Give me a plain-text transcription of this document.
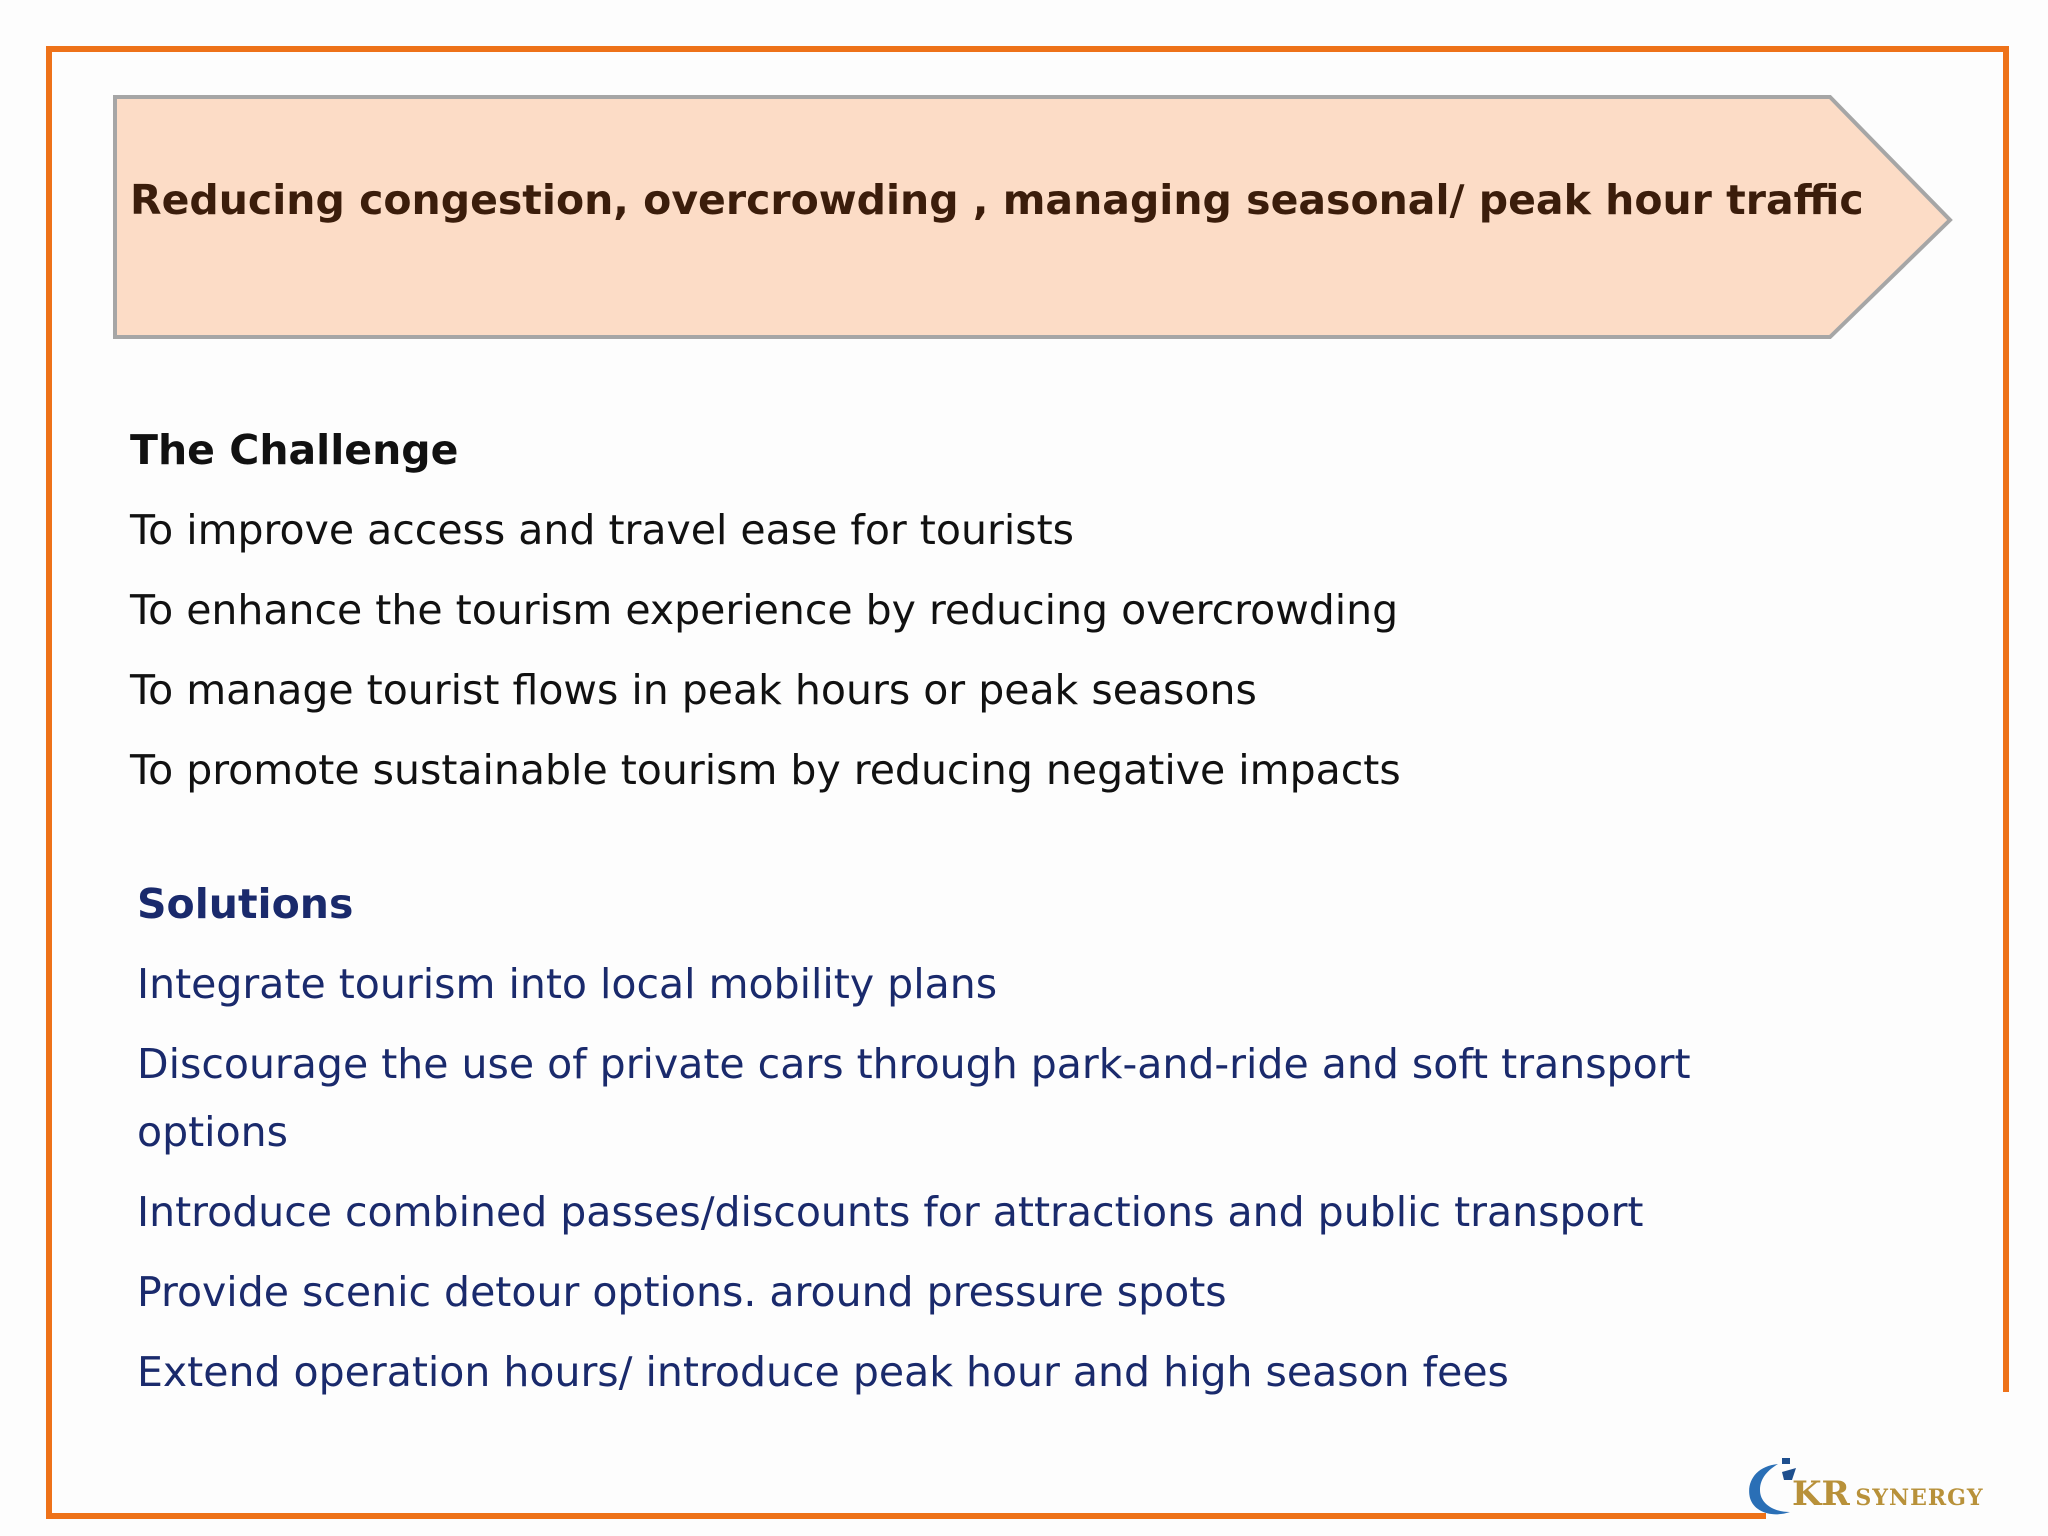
Reducing congestion, overcrowding , managing seasonal/ peak hour traffic

The Challenge

To improve access and travel ease for tourists

To enhance the tourism experience by reducing overcrowding

To manage tourist flows in peak hours or peak seasons

To promote sustainable tourism by reducing negative impacts

Solutions

Integrate tourism into local mobility plans

Discourage the use of private cars through park-and-ride and soft transport options

Introduce combined passes/discounts for attractions and public transport

Provide scenic detour options. around pressure spots

Extend operation hours/ introduce peak hour and high season fees

KR SYNERGY
